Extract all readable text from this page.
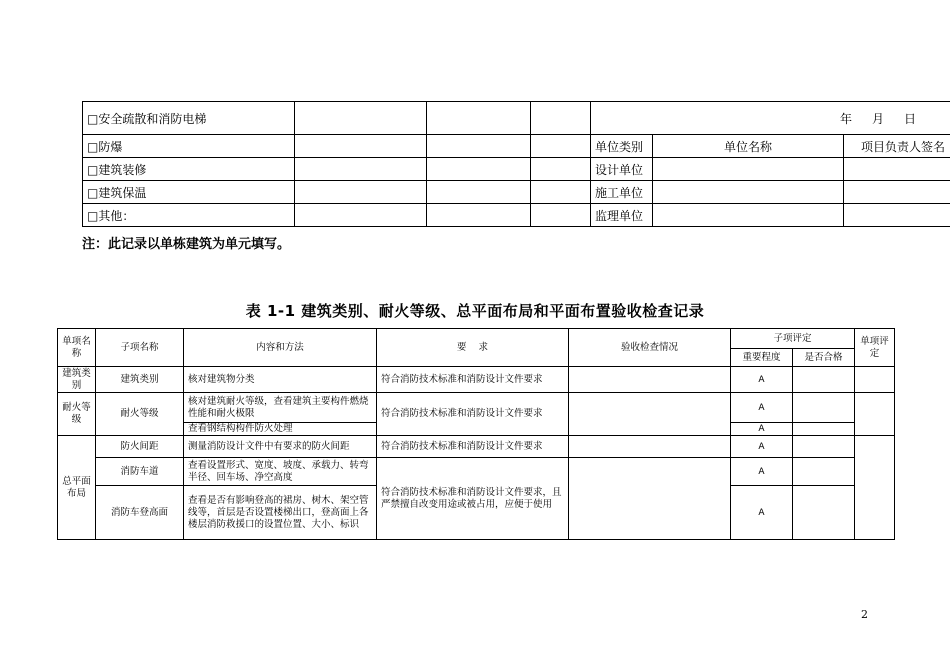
□安全疏散和消防电梯				年 月 日		
□防爆				单位类别	单位名称	项目负责人签名
□建筑装修				设计单位		
□建筑保温				施工单位		
□其他：				监理单位		
注：此记录以单栋建筑为单元填写。
表 1-1 建筑类别、耐火等级、总平面布局和平面布置验收检查记录
单项名称	子项名称	内容和方法	要    求	验收检查情况	子项评定		单项评定
					重要程度	是否合格	
建筑类别	建筑类别	核对建筑物分类	符合消防技术标准和消防设计文件要求		A		
耐火等级	耐火等级	核对建筑耐火等级，查看建筑主要构件燃烧性能和耐火极限	符合消防技术标准和消防设计文件要求		A		
		查看钢结构构件防火处理			A		
总平面布局	防火间距	测量消防设计文件中有要求的防火间距	符合消防技术标准和消防设计文件要求		A		
	消防车道	查看设置形式、宽度、坡度、承载力、转弯半径、回车场、净空高度	符合消防技术标准和消防设计文件要求，且严禁擅自改变用途或被占用，应便于使用		A		
	消防车登高面	查看是否有影响登高的裙房、树木、架空管线等，首层是否设置楼梯出口，登高面上各楼层消防救援口的设置位置、大小、标识			A		
2
